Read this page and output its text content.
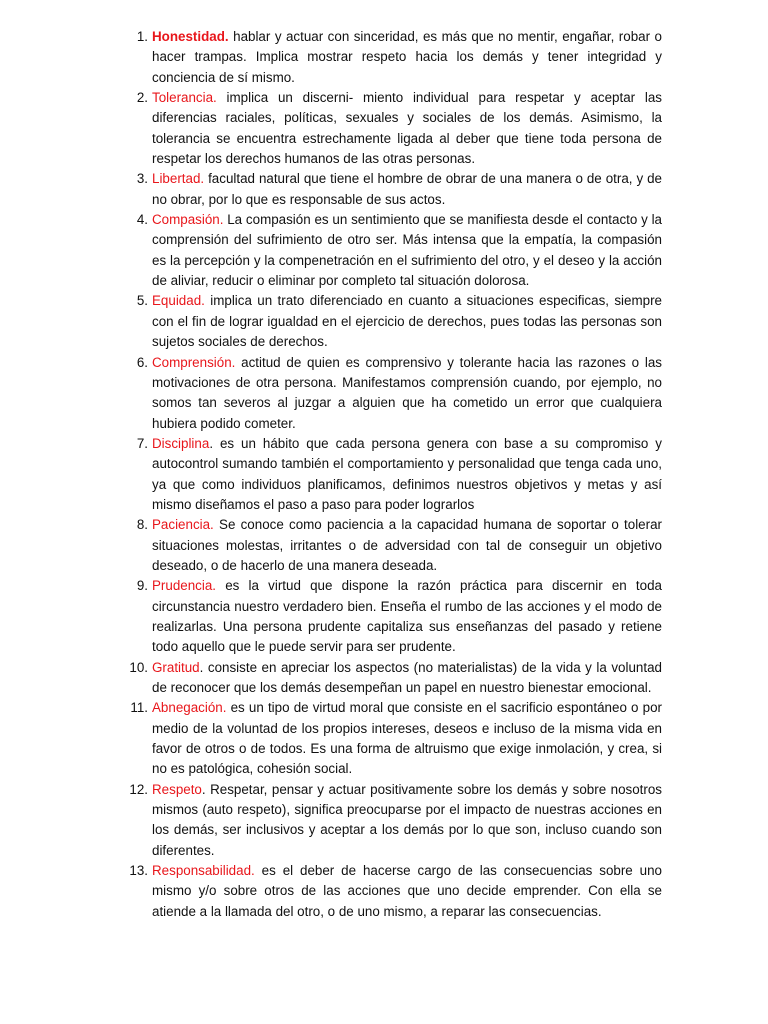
1. Honestidad. hablar y actuar con sinceridad, es más que no mentir, engañar, robar o hacer trampas. Implica mostrar respeto hacia los demás y tener integridad y conciencia de sí mismo.
2. Tolerancia. implica un discerni- miento individual para respetar y aceptar las diferencias raciales, políticas, sexuales y sociales de los demás. Asimismo, la tolerancia se encuentra estrechamente ligada al deber que tiene toda persona de respetar los derechos humanos de las otras personas.
3. Libertad. facultad natural que tiene el hombre de obrar de una manera o de otra, y de no obrar, por lo que es responsable de sus actos.
4. Compasión. La compasión es un sentimiento que se manifiesta desde el contacto y la comprensión del sufrimiento de otro ser. Más intensa que la empatía, la compasión es la percepción y la compenetración en el sufrimiento del otro, y el deseo y la acción de aliviar, reducir o eliminar por completo tal situación dolorosa.
5. Equidad. implica un trato diferenciado en cuanto a situaciones especificas, siempre con el fin de lograr igualdad en el ejercicio de derechos, pues todas las personas son sujetos sociales de derechos.
6. Comprensión. actitud de quien es comprensivo y tolerante hacia las razones o las motivaciones de otra persona. Manifestamos comprensión cuando, por ejemplo, no somos tan severos al juzgar a alguien que ha cometido un error que cualquiera hubiera podido cometer.
7. Disciplina. es un hábito que cada persona genera con base a su compromiso y autocontrol sumando también el comportamiento y personalidad que tenga cada uno, ya que como individuos planificamos, definimos nuestros objetivos y metas y así mismo diseñamos el paso a paso para poder lograrlos
8. Paciencia. Se conoce como paciencia a la capacidad humana de soportar o tolerar situaciones molestas, irritantes o de adversidad con tal de conseguir un objetivo deseado, o de hacerlo de una manera deseada.
9. Prudencia. es la virtud que dispone la razón práctica para discernir en toda circunstancia nuestro verdadero bien. Enseña el rumbo de las acciones y el modo de realizarlas. Una persona prudente capitaliza sus enseñanzas del pasado y retiene todo aquello que le puede servir para ser prudente.
10. Gratitud. consiste en apreciar los aspectos (no materialistas) de la vida y la voluntad de reconocer que los demás desempeñan un papel en nuestro bienestar emocional.
11. Abnegación. es un tipo de virtud moral que consiste en el sacrificio espontáneo o por medio de la voluntad de los propios intereses, deseos e incluso de la misma vida en favor de otros o de todos. Es una forma de altruismo que exige inmolación, y crea, si no es patológica, cohesión social.
12. Respeto. Respetar, pensar y actuar positivamente sobre los demás y sobre nosotros mismos (auto respeto), significa preocuparse por el impacto de nuestras acciones en los demás, ser inclusivos y aceptar a los demás por lo que son, incluso cuando son diferentes.
13. Responsabilidad. es el deber de hacerse cargo de las consecuencias sobre uno mismo y/o sobre otros de las acciones que uno decide emprender. Con ella se atiende a la llamada del otro, o de uno mismo, a reparar las consecuencias.
